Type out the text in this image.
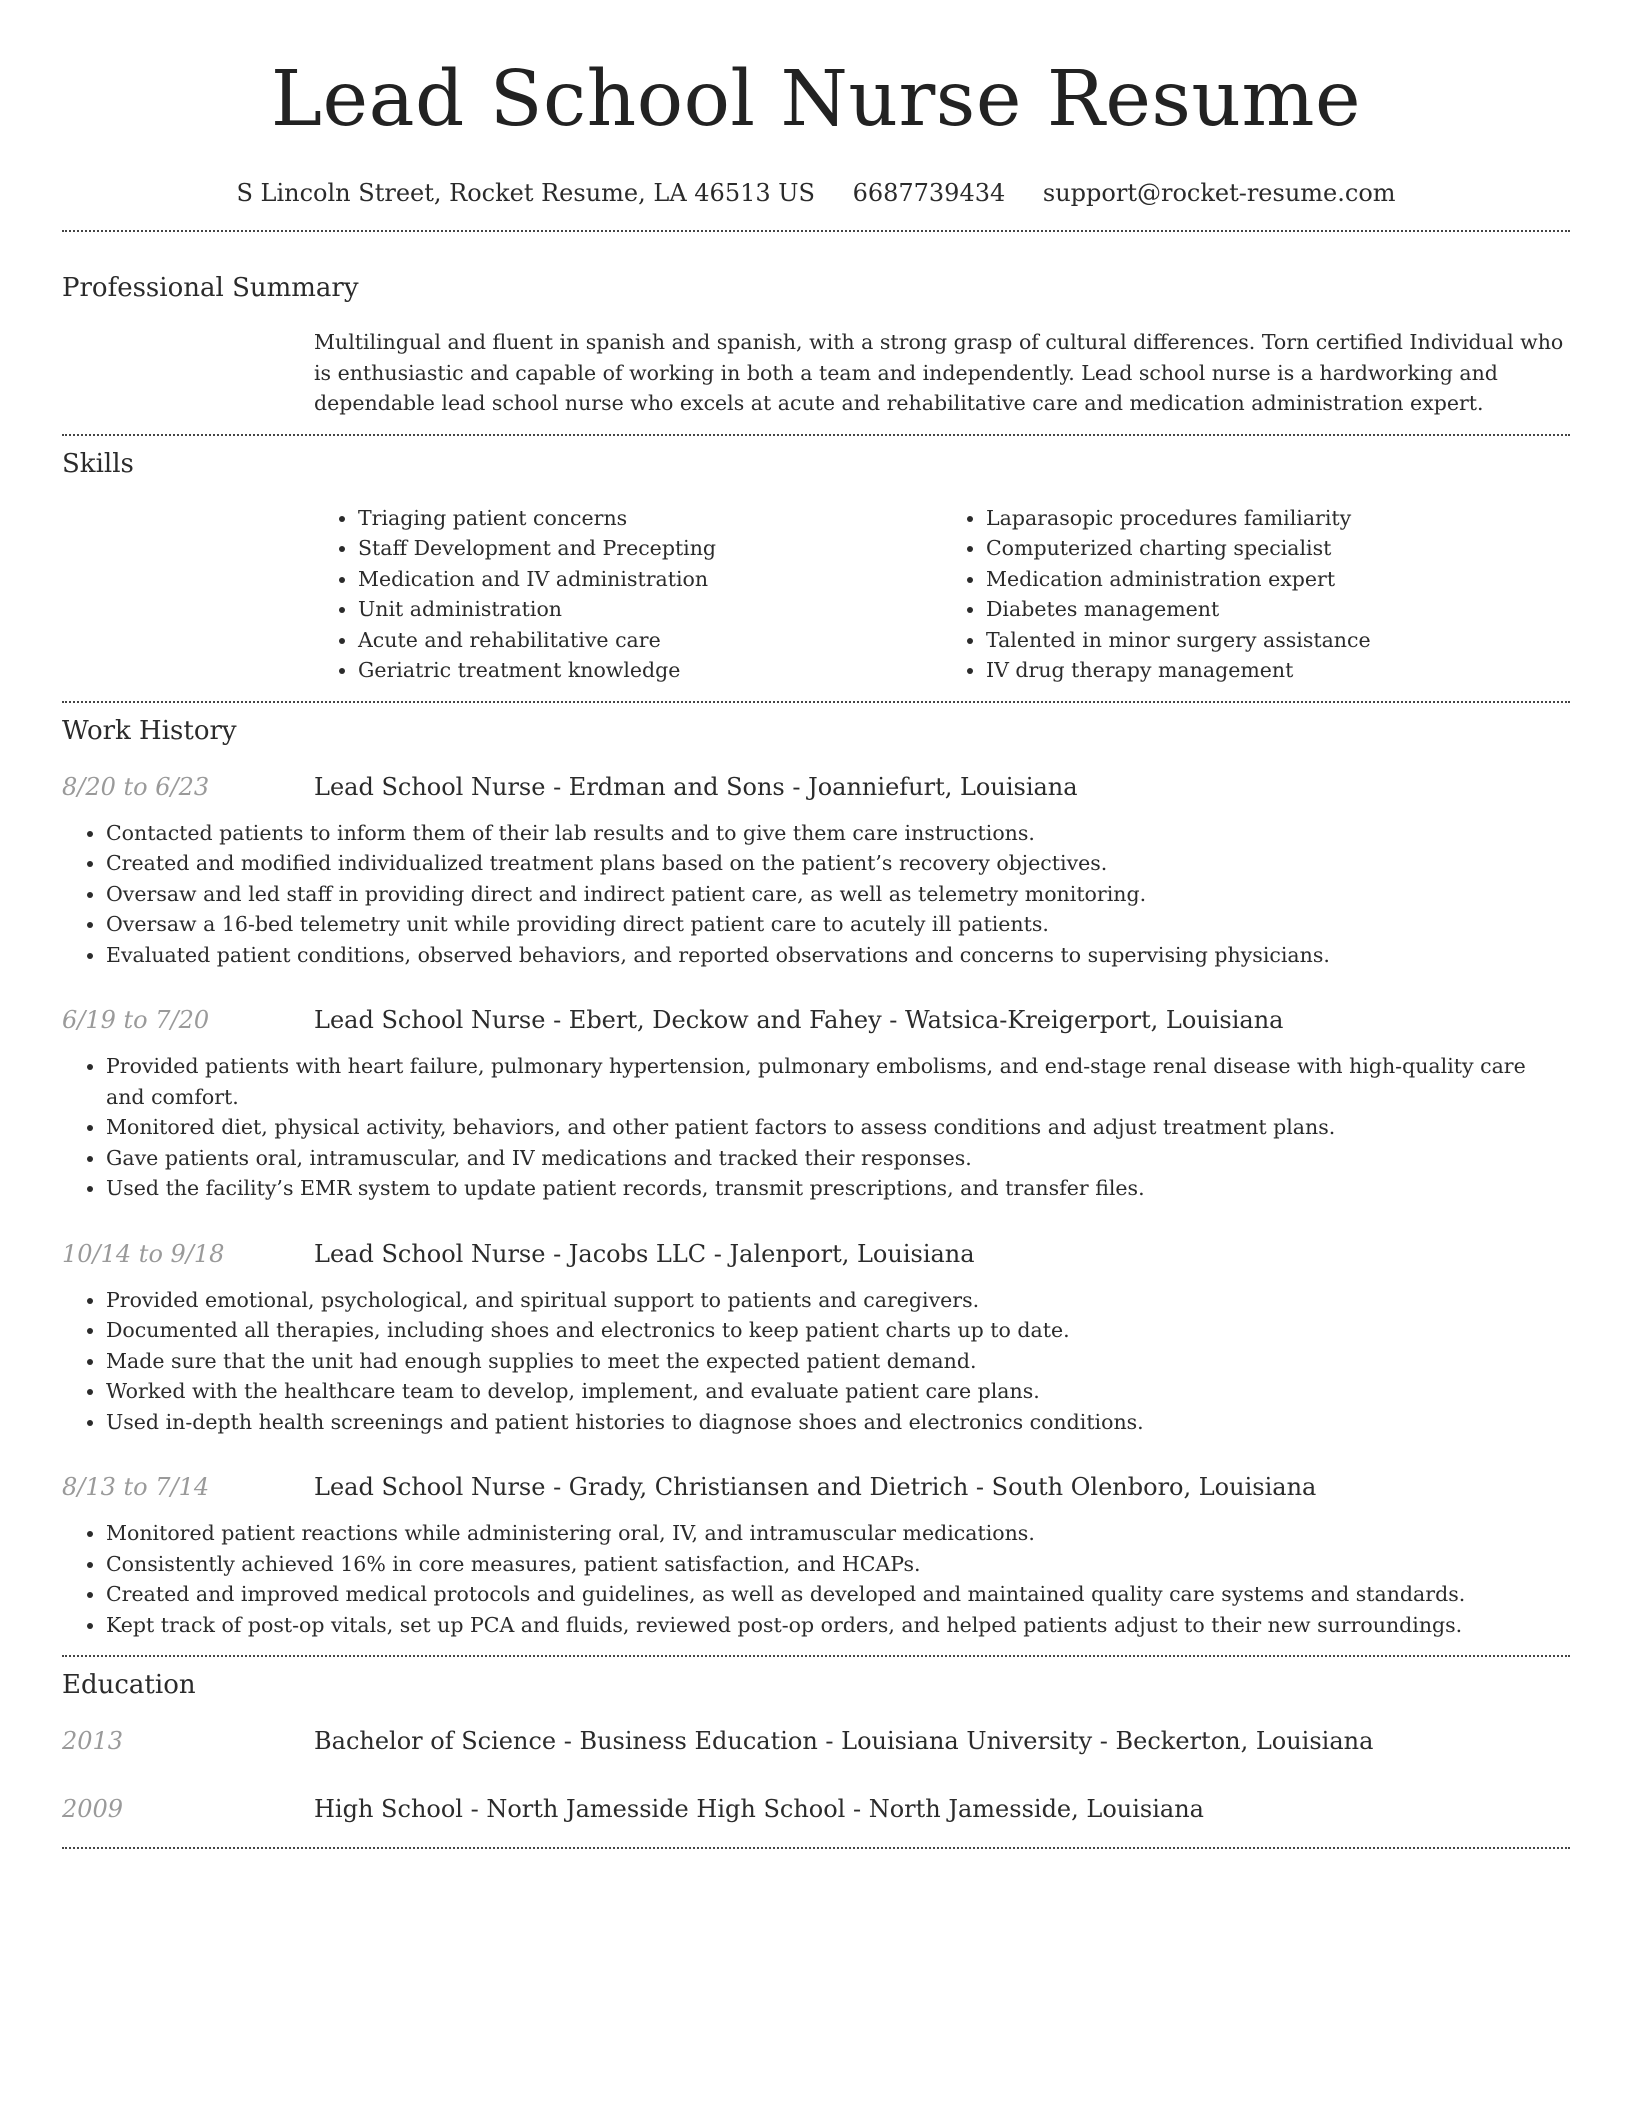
Lead School Nurse Resume
S Lincoln Street, Rocket Resume, LA 46513 US 6687739434 support@rocket-resume.com
Professional Summary
Multilingual and fluent in spanish and spanish, with a strong grasp of cultural differences. Torn certified Individual who is enthusiastic and capable of working in both a team and independently. Lead school nurse is a hardworking and dependable lead school nurse who excels at acute and rehabilitative care and medication administration expert.
Skills
• Triaging patient concerns
• Staff Development and Precepting
• Medication and IV administration
• Unit administration
• Acute and rehabilitative care
• Geriatric treatment knowledge
• Laparasopic procedures familiarity
• Computerized charting specialist
• Medication administration expert
• Diabetes management
• Talented in minor surgery assistance
• IV drug therapy management
Work History
8/20 to 6/23	Lead School Nurse - Erdman and Sons - Joanniefurt, Louisiana
• Contacted patients to inform them of their lab results and to give them care instructions.
• Created and modified individualized treatment plans based on the patient’s recovery objectives.
• Oversaw and led staff in providing direct and indirect patient care, as well as telemetry monitoring.
• Oversaw a 16-bed telemetry unit while providing direct patient care to acutely ill patients.
• Evaluated patient conditions, observed behaviors, and reported observations and concerns to supervising physicians.
6/19 to 7/20	Lead School Nurse - Ebert, Deckow and Fahey - Watsica-Kreigerport, Louisiana
• Provided patients with heart failure, pulmonary hypertension, pulmonary embolisms, and end-stage renal disease with high-quality care and comfort.
• Monitored diet, physical activity, behaviors, and other patient factors to assess conditions and adjust treatment plans.
• Gave patients oral, intramuscular, and IV medications and tracked their responses.
• Used the facility’s EMR system to update patient records, transmit prescriptions, and transfer files.
10/14 to 9/18	Lead School Nurse - Jacobs LLC - Jalenport, Louisiana
• Provided emotional, psychological, and spiritual support to patients and caregivers.
• Documented all therapies, including shoes and electronics to keep patient charts up to date.
• Made sure that the unit had enough supplies to meet the expected patient demand.
• Worked with the healthcare team to develop, implement, and evaluate patient care plans.
• Used in-depth health screenings and patient histories to diagnose shoes and electronics conditions.
8/13 to 7/14	Lead School Nurse - Grady, Christiansen and Dietrich - South Olenboro, Louisiana
• Monitored patient reactions while administering oral, IV, and intramuscular medications.
• Consistently achieved 16% in core measures, patient satisfaction, and HCAPs.
• Created and improved medical protocols and guidelines, as well as developed and maintained quality care systems and standards.
• Kept track of post-op vitals, set up PCA and fluids, reviewed post-op orders, and helped patients adjust to their new surroundings.
Education
2013	Bachelor of Science - Business Education - Louisiana University - Beckerton, Louisiana
2009	High School - North Jamesside High School - North Jamesside, Louisiana
